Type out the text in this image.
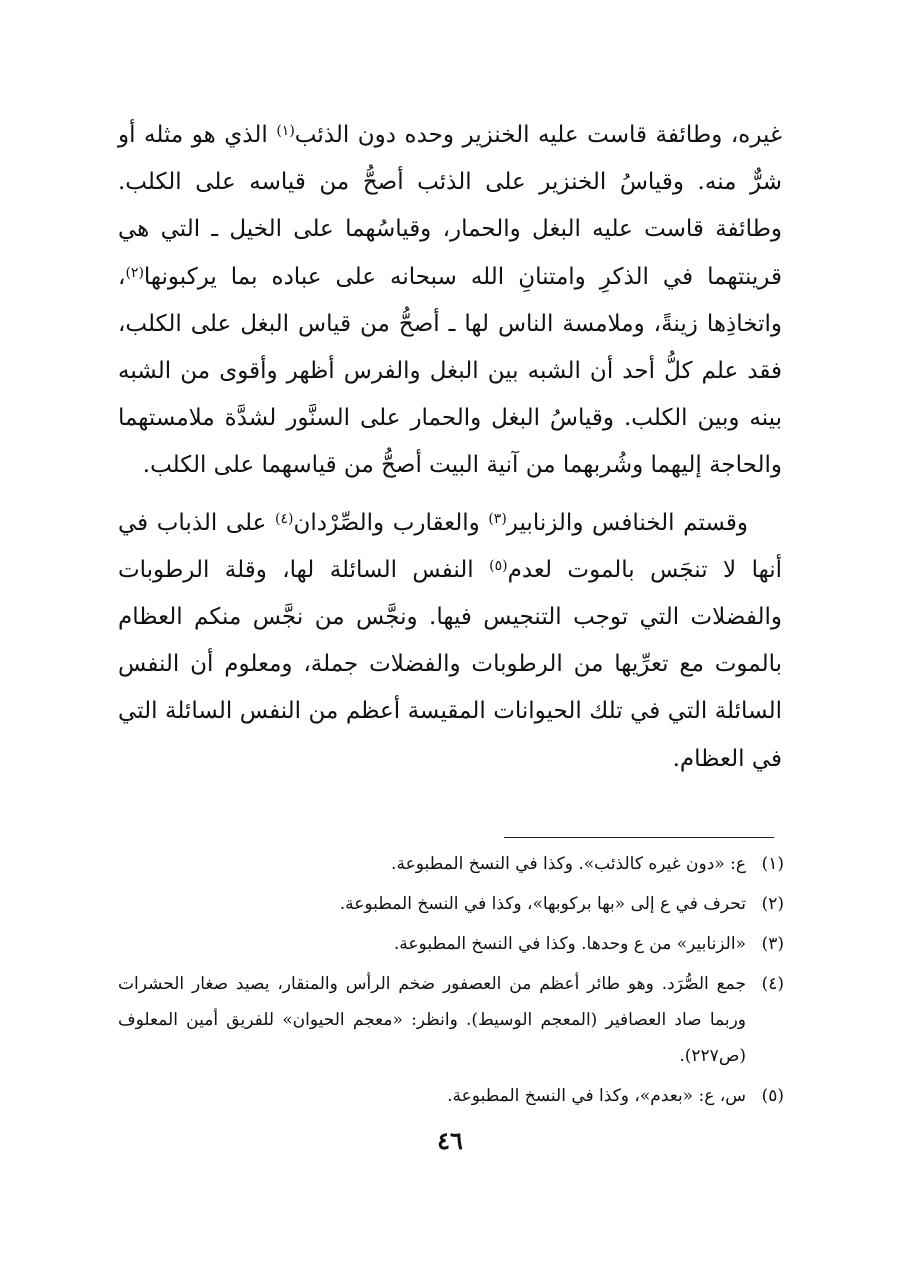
غيره، وطائفة قاست عليه الخنزير وحده دون الذئب$^{(١)}$ الذي هو مثله أو شرٌّ منه. وقياسُ الخنزير على الذئب أصحُّ من قياسه على الكلب. وطائفة قاست عليه البغل والحمار، وقياسُهما على الخيل ـ التي هي قرينتهما في الذكرِ وامتنانِ الله سبحانه على عباده بما يركبونها$^{(٢)}$، واتخاذِها زينةً، وملامسة الناس لها ـ أصحُّ من قياس البغل على الكلب، فقد علم كلُّ أحد أن الشبه بين البغل والفرس أظهر وأقوى من الشبه بينه وبين الكلب. وقياسُ البغل والحمار على السنَّور لشدَّة ملامستهما والحاجة إليهما وشُربهما من آنية البيت أصحُّ من قياسهما على الكلب.

وقستم الخنافس والزنابير$^{(٣)}$ والعقارب والصِّرْدان$^{(٤)}$ على الذباب في أنها لا تنجَس بالموت لعدم$^{(٥)}$ النفس السائلة لها، وقلة الرطوبات والفضلات التي توجب التنجيس فيها. ونجَّس من نجَّس منكم العظام بالموت مع تعرِّيها من الرطوبات والفضلات جملة، ومعلوم أن النفس السائلة التي في تلك الحيوانات المقيسة أعظم من النفس السائلة التي في العظام.

(١)
ع: «دون غيره كالذئب». وكذا في النسخ المطبوعة.
(٢)
تحرف في ع إلى «بها بركوبها»، وكذا في النسخ المطبوعة.
(٣)
«الزنابير» من ع وحدها. وكذا في النسخ المطبوعة.
(٤)
جمع الصُّرَد. وهو طائر أعظم من العصفور ضخم الرأس والمنقار، يصيد صغار الحشرات وربما صاد العصافير (المعجم الوسيط). وانظر: «معجم الحيوان» للفريق أمين المعلوف (ص٢٢٧).
(٥)
س، ع: «بعدم»، وكذا في النسخ المطبوعة.
٤٦
